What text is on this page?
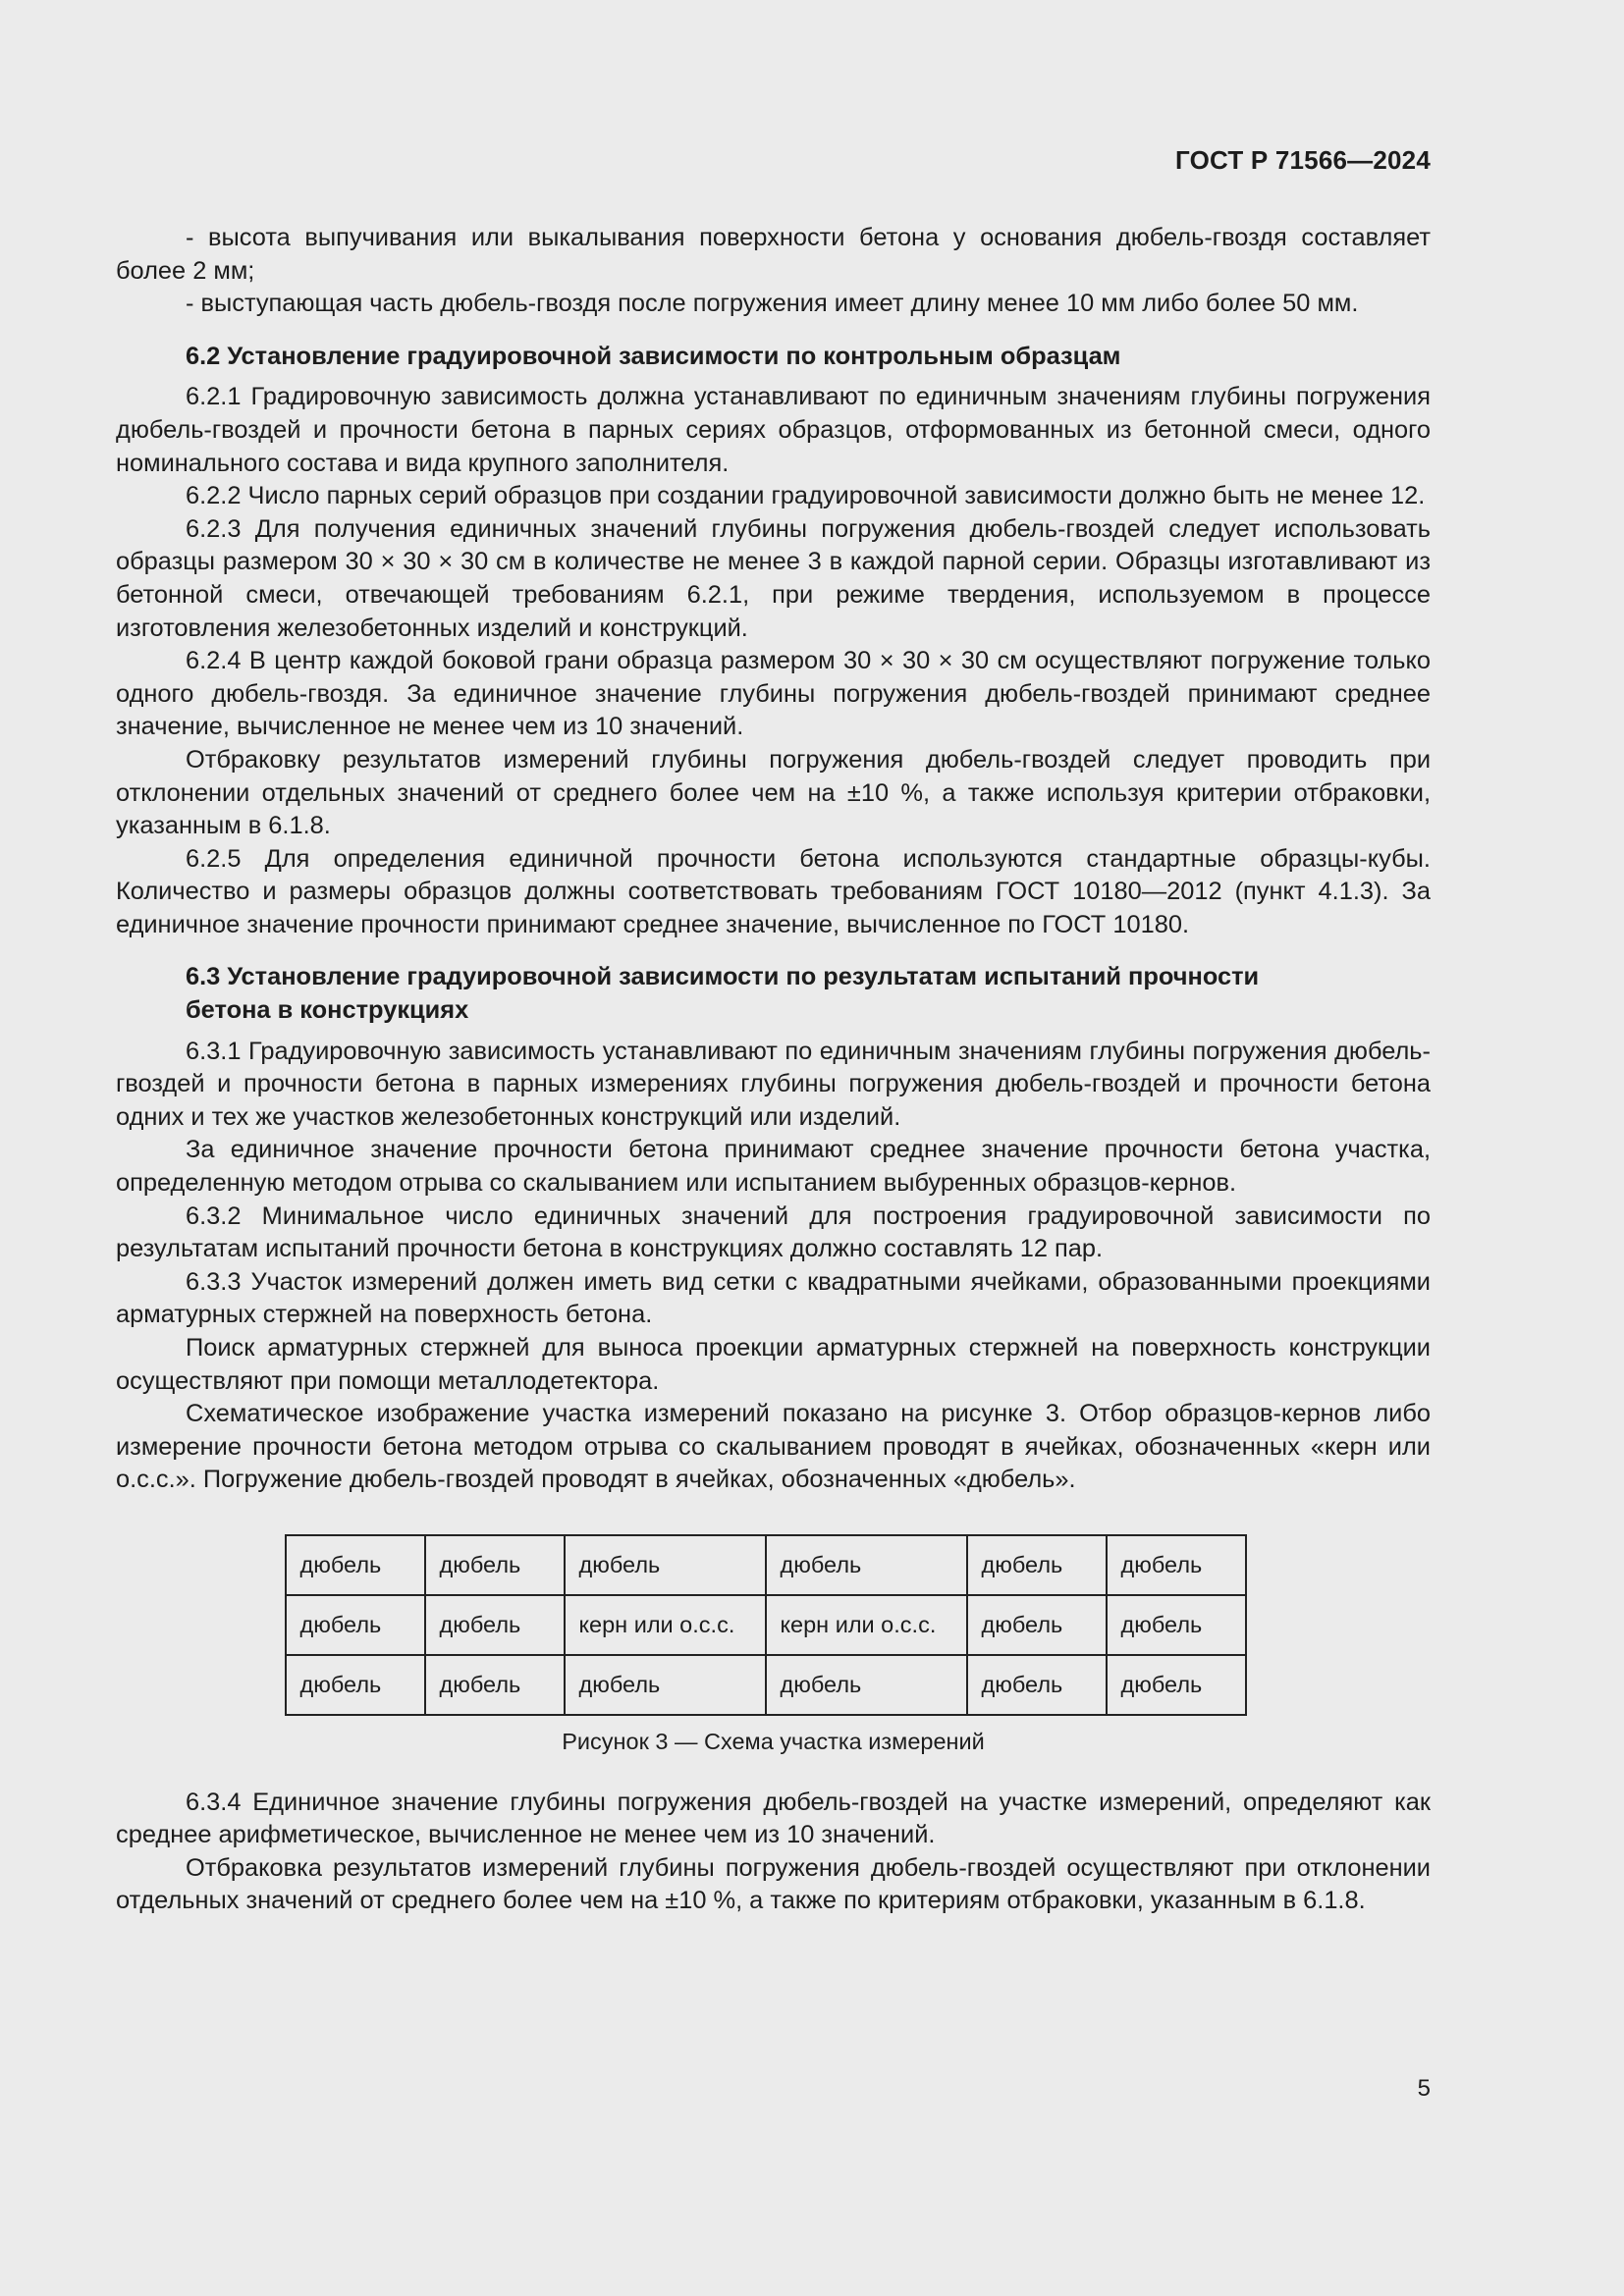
ГОСТ Р 71566—2024

- высота выпучивания или выкалывания поверхности бетона у основания дюбель-гвоздя составляет более 2 мм;

- выступающая часть дюбель-гвоздя после погружения имеет длину менее 10 мм либо более 50 мм.

6.2 Установление градуировочной зависимости по контрольным образцам

6.2.1 Градировочную зависимость должна устанавливают по единичным значениям глубины погружения дюбель-гвоздей и прочности бетона в парных сериях образцов, отформованных из бетонной смеси, одного номинального состава и вида крупного заполнителя.

6.2.2 Число парных серий образцов при создании градуировочной зависимости должно быть не менее 12.

6.2.3 Для получения единичных значений глубины погружения дюбель-гвоздей следует использовать образцы размером 30 × 30 × 30 см в количестве не менее 3 в каждой парной серии. Образцы изготавливают из бетонной смеси, отвечающей требованиям 6.2.1, при режиме твердения, используемом в процессе изготовления железобетонных изделий и конструкций.

6.2.4 В центр каждой боковой грани образца размером 30 × 30 × 30 см осуществляют погружение только одного дюбель-гвоздя. За единичное значение глубины погружения дюбель-гвоздей принимают среднее значение, вычисленное не менее чем из 10 значений.

Отбраковку результатов измерений глубины погружения дюбель-гвоздей следует проводить при отклонении отдельных значений от среднего более чем на ±10 %, а также используя критерии отбраковки, указанным в 6.1.8.

6.2.5 Для определения единичной прочности бетона используются стандартные образцы-кубы. Количество и размеры образцов должны соответствовать требованиям ГОСТ 10180—2012 (пункт 4.1.3). За единичное значение прочности принимают среднее значение, вычисленное по ГОСТ 10180.

6.3 Установление градуировочной зависимости по результатам испытаний прочности
бетона в конструкциях

6.3.1 Градуировочную зависимость устанавливают по единичным значениям глубины погружения дюбель-гвоздей и прочности бетона в парных измерениях глубины погружения дюбель-гвоздей и прочности бетона одних и тех же участков железобетонных конструкций или изделий.

За единичное значение прочности бетона принимают среднее значение прочности бетона участка, определенную методом отрыва со скалыванием или испытанием выбуренных образцов-кернов.

6.3.2 Минимальное число единичных значений для построения градуировочной зависимости по результатам испытаний прочности бетона в конструкциях должно составлять 12 пар.

6.3.3 Участок измерений должен иметь вид сетки с квадратными ячейками, образованными проекциями арматурных стержней на поверхность бетона.

Поиск арматурных стержней для выноса проекции арматурных стержней на поверхность конструкции осуществляют при помощи металлодетектора.

Схематическое изображение участка измерений показано на рисунке 3. Отбор образцов-кернов либо измерение прочности бетона методом отрыва со скалыванием проводят в ячейках, обозначенных «керн или о.с.с.». Погружение дюбель-гвоздей проводят в ячейках, обозначенных «дюбель».

дюбель	дюбель	дюбель	дюбель	дюбель	дюбель
дюбель	дюбель	керн или о.с.с.	керн или о.с.с.	дюбель	дюбель
дюбель	дюбель	дюбель	дюбель	дюбель	дюбель
Рисунок 3 — Схема участка измерений

6.3.4 Единичное значение глубины погружения дюбель-гвоздей на участке измерений, определяют как среднее арифметическое, вычисленное не менее чем из 10 значений.

Отбраковка результатов измерений глубины погружения дюбель-гвоздей осуществляют при отклонении отдельных значений от среднего более чем на ±10 %, а также по критериям отбраковки, указанным в 6.1.8.

5
